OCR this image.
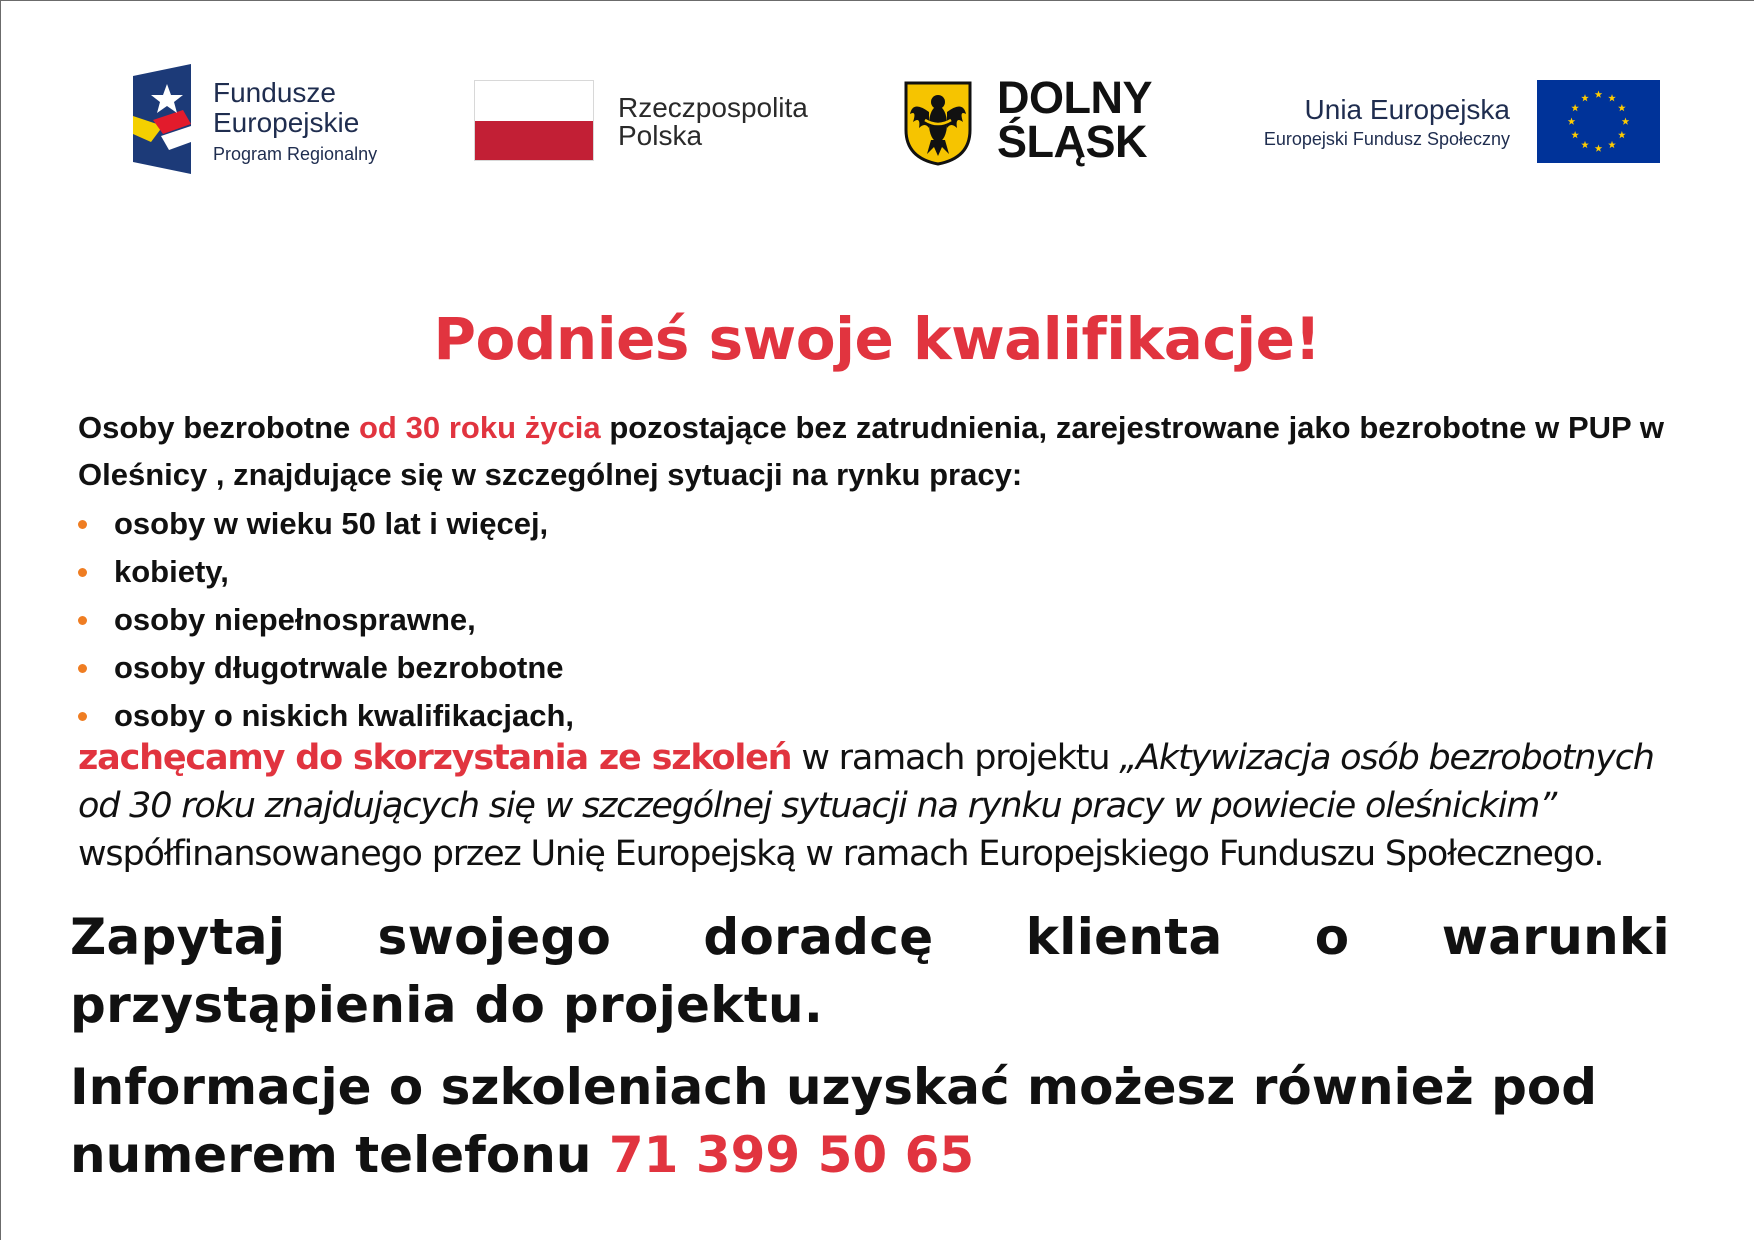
Fundusze
Europejskie
Program Regionalny
Rzeczpospolita
Polska
DOLNY
ŚLĄSK
Unia Europejska
Europejski Fundusz Społeczny
Podnieś swoje kwalifikacje!

Osoby bezrobotne od 30 roku życia pozostające bez zatrudnienia, zarejestrowane jako bezrobotne w PUP w Oleśnicy , znajdujące się w szczególnej sytuacji na rynku pracy:

osoby w wieku 50 lat i więcej,
kobiety,
osoby niepełnosprawne,
osoby długotrwale bezrobotne
osoby o niskich kwalifikacjach,

zachęcamy do skorzystania ze szkoleń w ramach projektu „Aktywizacja osób bezrobotnych od 30 roku znajdujących się w szczególnej sytuacji na rynku pracy w powiecie oleśnickim” współfinansowanego przez Unię Europejską w ramach Europejskiego Funduszu Społecznego.

Zapytaj swojego doradcę klienta o warunki przystąpienia do projektu.

Informacje o szkoleniach uzyskać możesz również pod numerem telefonu 71 399 50 65
